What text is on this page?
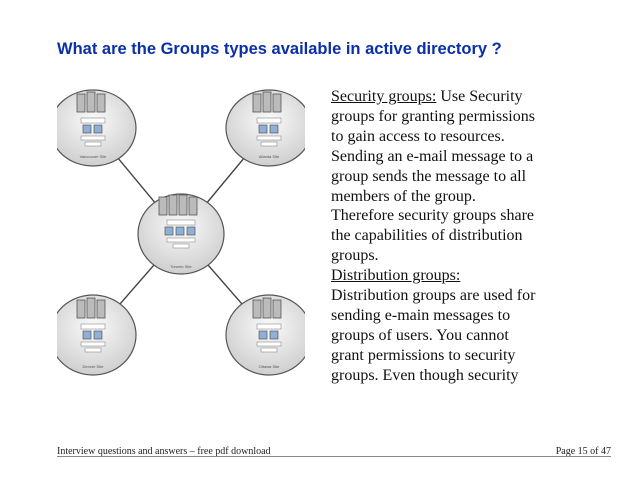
What are the Groups types available in active directory ?
Vancouver Site	Atlanta Site
Toronto Site
Denver Site	Ottawa Site

Security groups: Use Security

groups for granting permissions

to gain access to resources.

Sending an e-mail message to a

group sends the message to all

members of the group.

Therefore security groups share

the capabilities of distribution

groups.

Distribution groups:

Distribution groups are used for

sending e-main messages to

groups of users. You cannot

grant permissions to security

groups. Even though security

Interview questions and answers – free pdf download	Page 15 of 47
